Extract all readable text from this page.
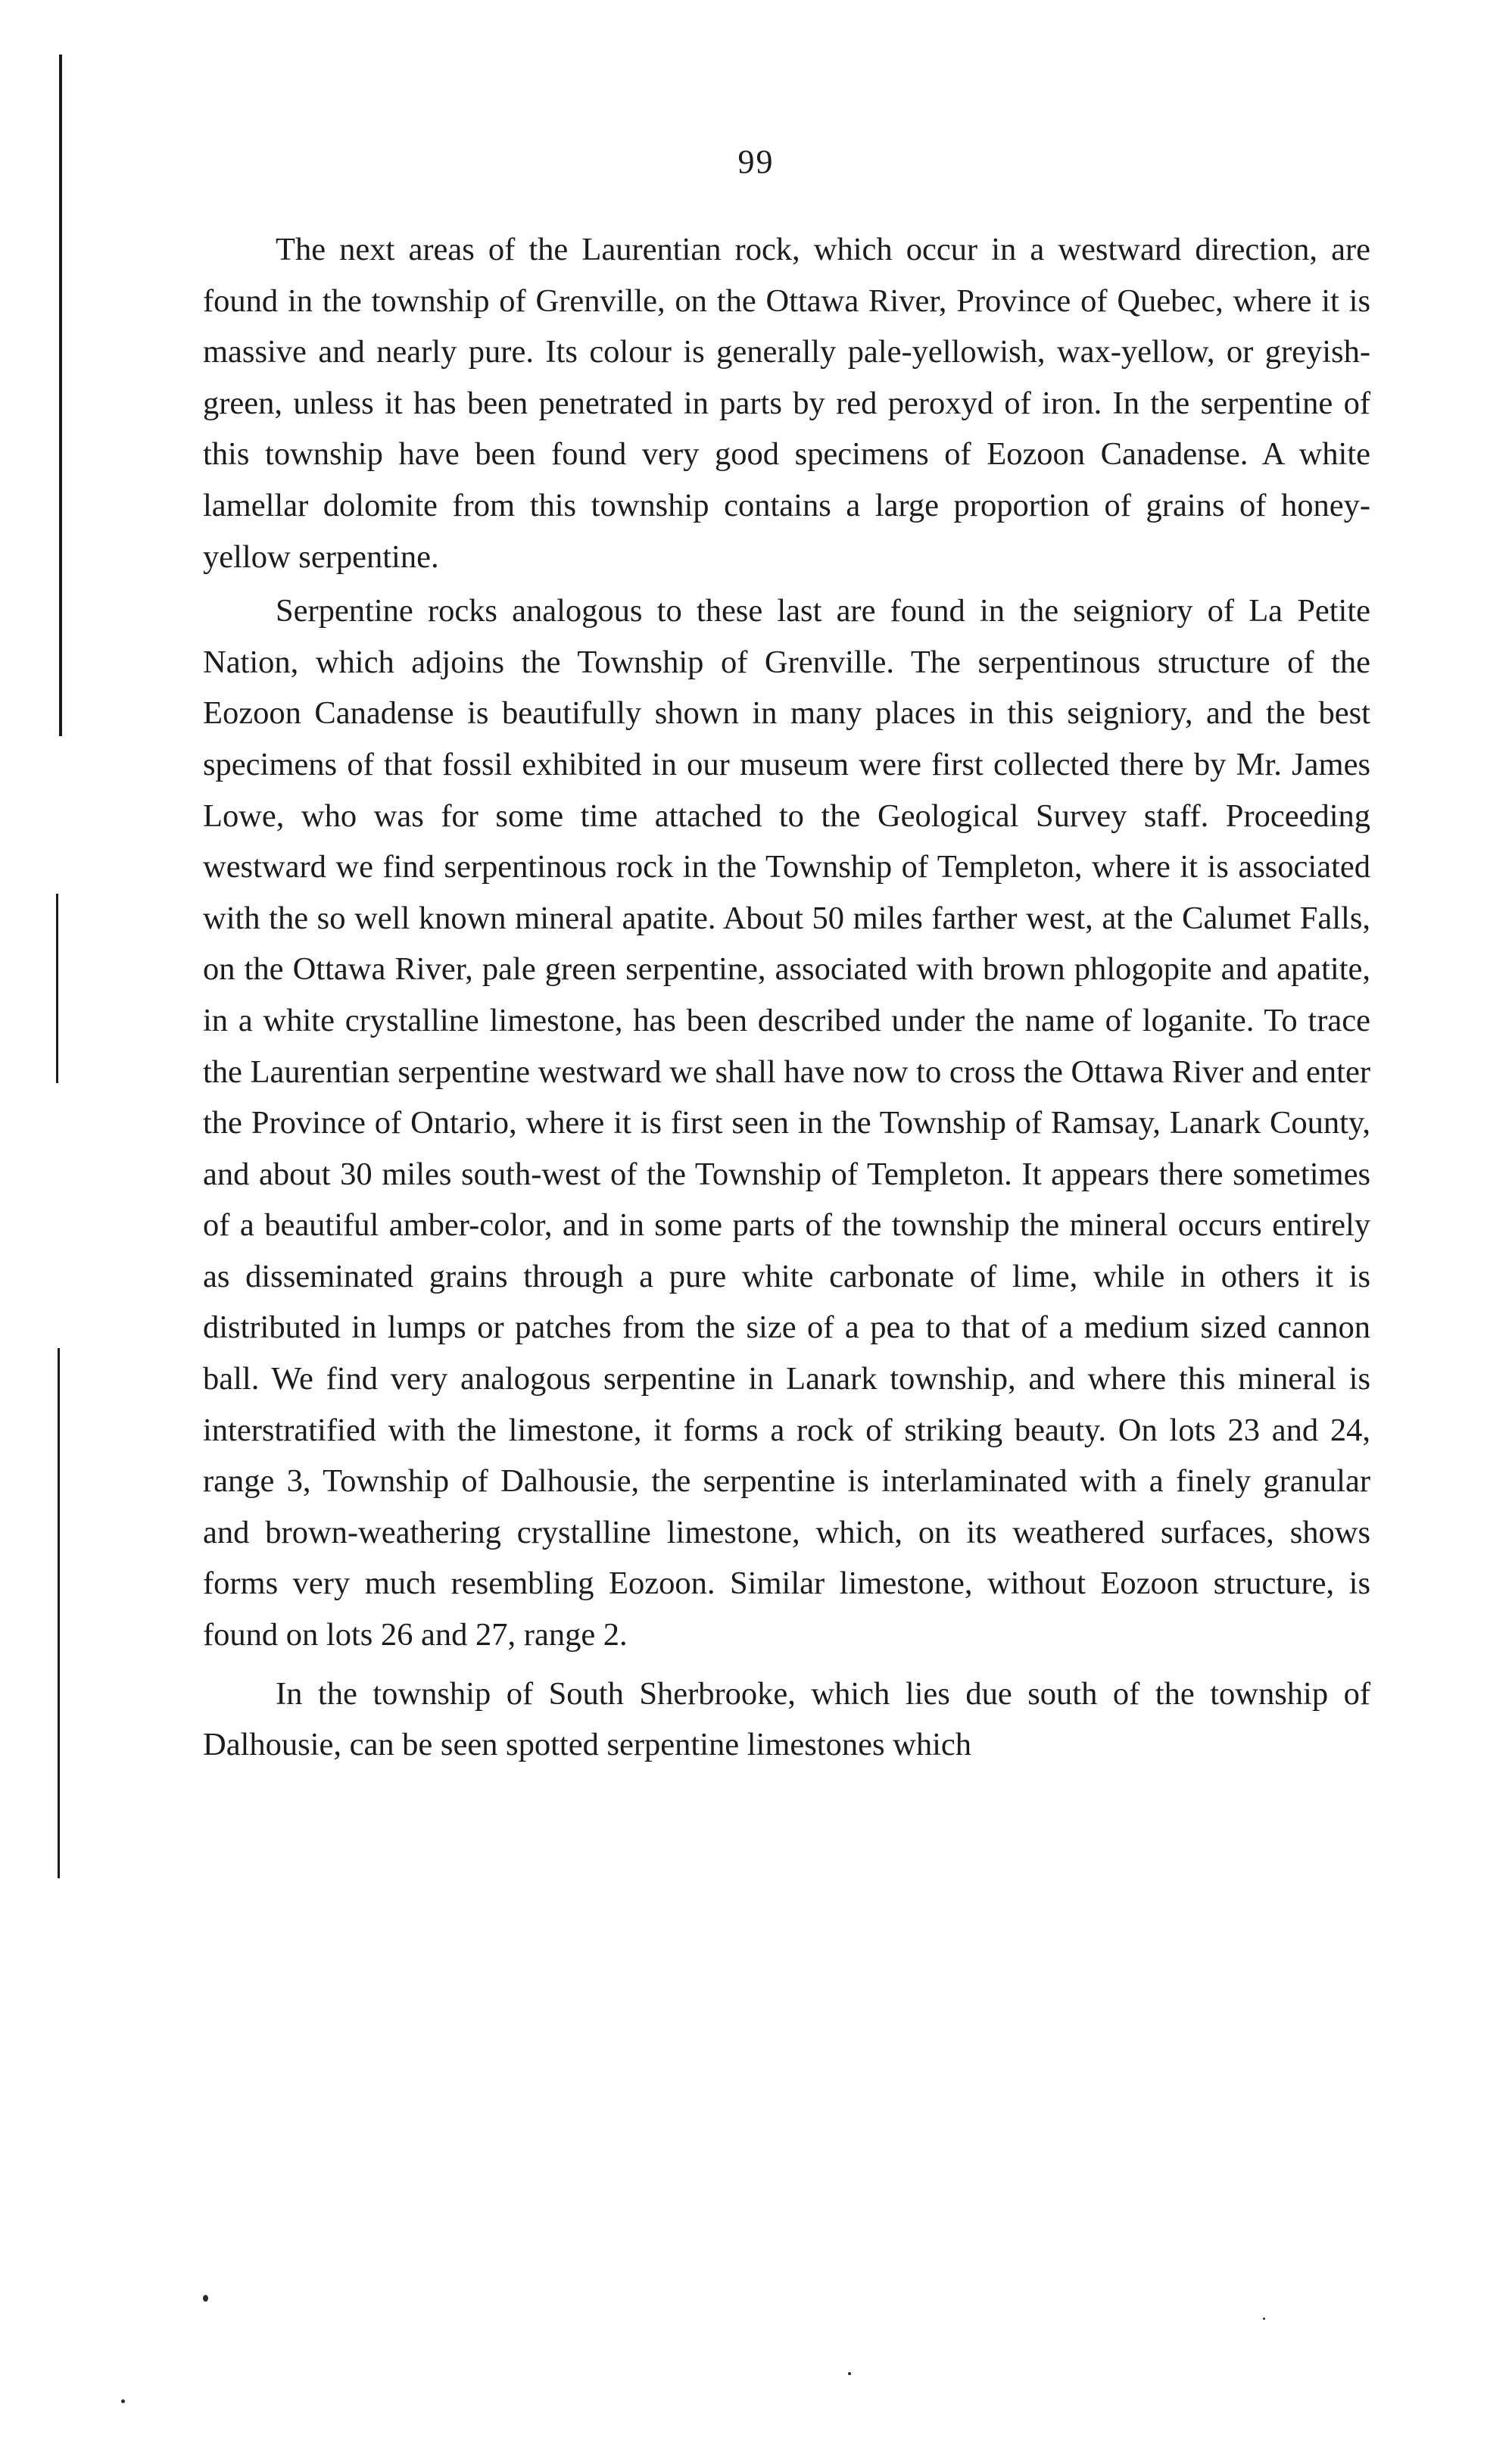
99

The next areas of the Laurentian rock, which occur in a westward direction, are found in the township of Grenville, on the Ottawa River, Province of Quebec, where it is massive and nearly pure. Its colour is generally pale-yellowish, wax-yellow, or greyish-green, unless it has been penetrated in parts by red peroxyd of iron. In the serpentine of this township have been found very good specimens of Eozoon Canadense. A white lamellar dolomite from this township contains a large proportion of grains of honey-yellow serpentine.

Serpentine rocks analogous to these last are found in the seigniory of La Petite Nation, which adjoins the Township of Grenville. The serpentinous structure of the Eozoon Canadense is beautifully shown in many places in this seigniory, and the best specimens of that fossil exhibited in our museum were first collected there by Mr. James Lowe, who was for some time attached to the Geological Survey staff. Proceeding westward we find serpentinous rock in the Township of Templeton, where it is associated with the so well known mineral apatite. About 50 miles farther west, at the Calumet Falls, on the Ottawa River, pale green serpentine, associated with brown phlogopite and apatite, in a white crystalline limestone, has been described under the name of loganite. To trace the Laurentian serpentine westward we shall have now to cross the Ottawa River and enter the Province of Ontario, where it is first seen in the Township of Ramsay, Lanark County, and about 30 miles south-west of the Township of Templeton. It appears there sometimes of a beautiful amber-color, and in some parts of the township the mineral occurs entirely as disseminated grains through a pure white carbonate of lime, while in others it is distributed in lumps or patches from the size of a pea to that of a medium sized cannon ball. We find very analogous serpentine in Lanark township, and where this mineral is interstratified with the limestone, it forms a rock of striking beauty. On lots 23 and 24, range 3, Township of Dalhousie, the serpentine is interlaminated with a finely granular and brown-weathering crystalline limestone, which, on its weathered surfaces, shows forms very much resembling Eozoon. Similar limestone, without Eozoon structure, is found on lots 26 and 27, range 2.

In the township of South Sherbrooke, which lies due south of the township of Dalhousie, can be seen spotted serpentine limestones which
